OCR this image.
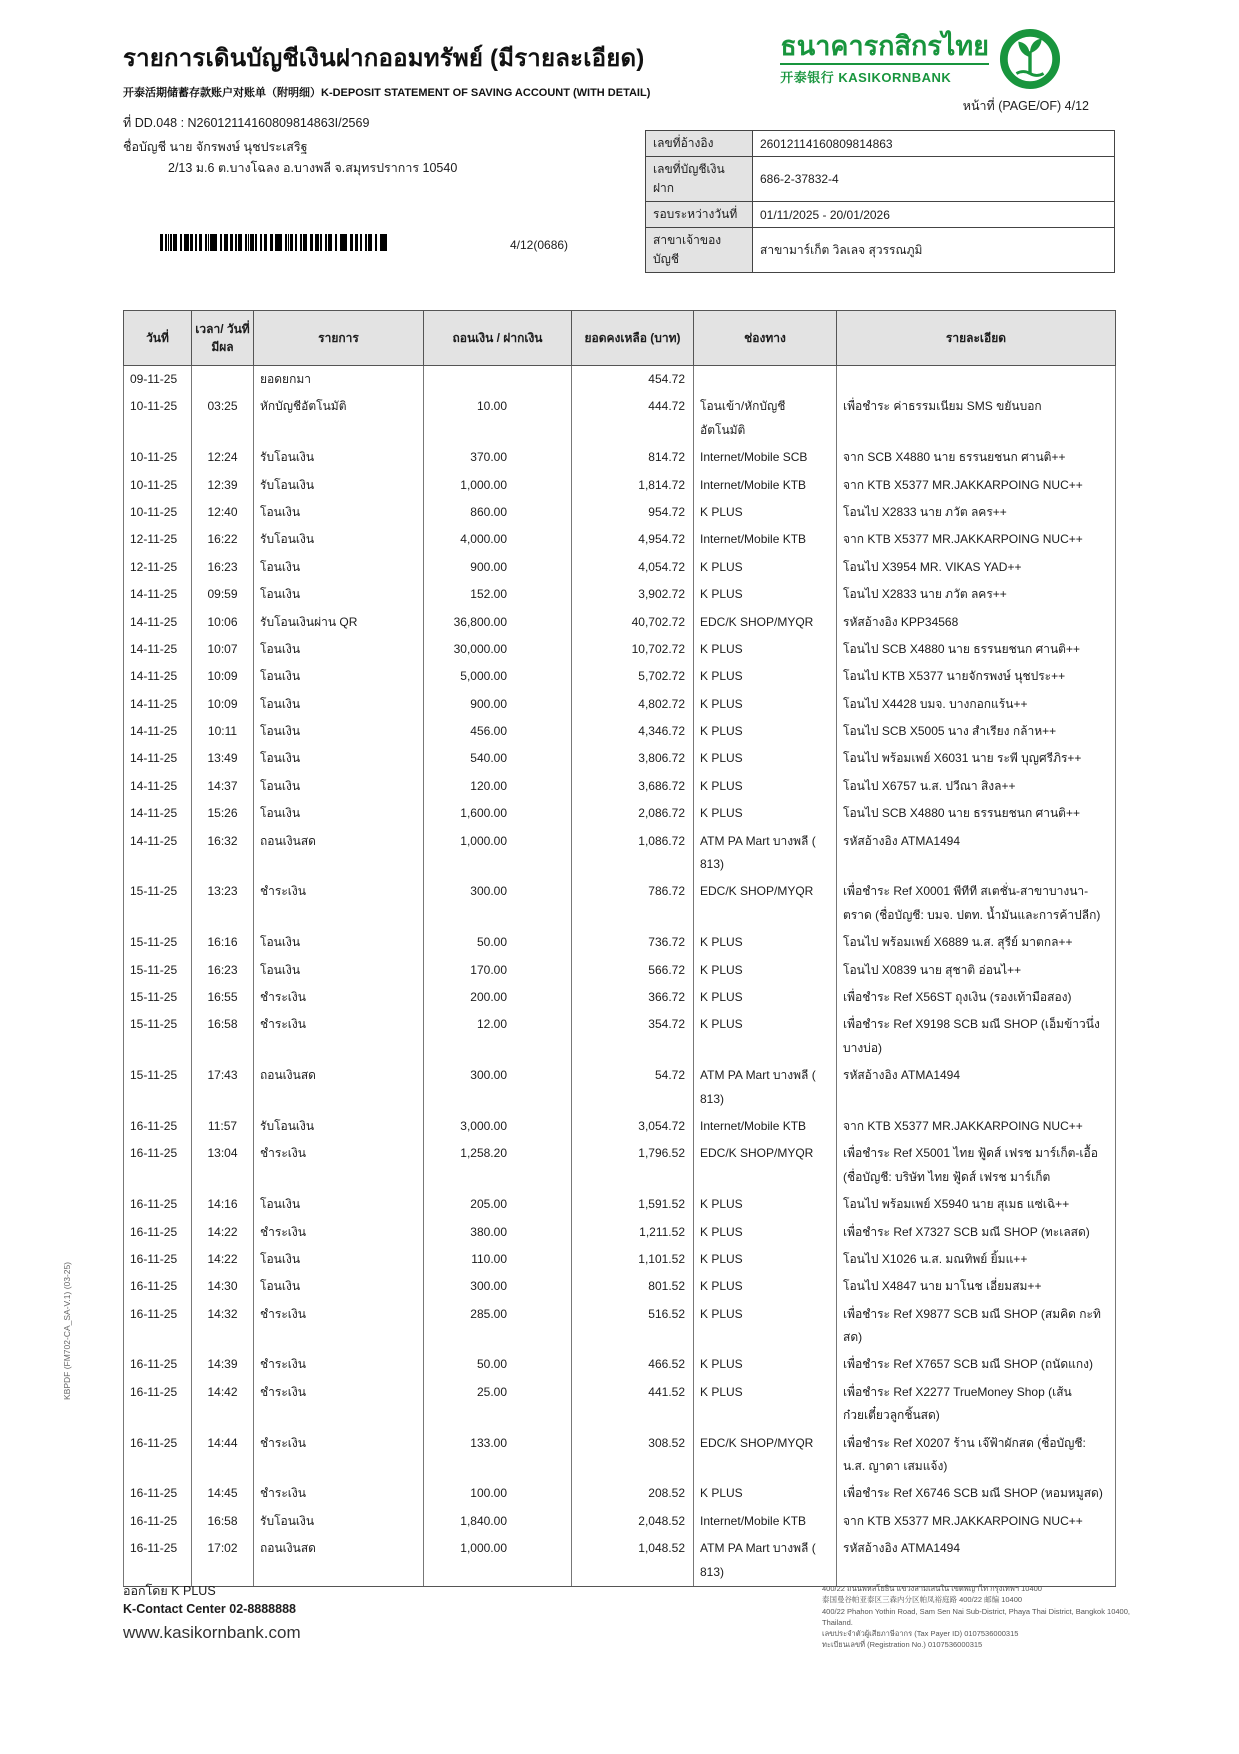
รายการเดินบัญชีเงินฝากออมทรัพย์ (มีรายละเอียด)
开泰活期储蓄存款账户对账单（附明细）K-DEPOSIT STATEMENT OF SAVING ACCOUNT (WITH DETAIL)
ธนาคารกสิกรไทย
开泰银行 KASIKORNBANK
หน้าที่ (PAGE/OF) 4/12
ที่ DD.048 : N26012114160809814863I/2569
ชื่อบัญชี นาย จักรพงษ์ นุชประเสริฐ
2/13 ม.6 ต.บางโฉลง อ.บางพลี จ.สมุทรปราการ 10540
เลขที่อ้างอิง	26012114160809814863
เลขที่บัญชีเงินฝาก	686-2-37832-4
รอบระหว่างวันที่	01/11/2025 - 20/01/2026
สาขาเจ้าของบัญชี	สาขามาร์เก็ต วิลเลจ สุวรรณภูมิ
4/12(0686)
วันที่	เวลา/ วันที่มีผล	รายการ	ถอนเงิน / ฝากเงิน	ยอดคงเหลือ (บาท)	ช่องทาง	รายละเอียด
09-11-25		ยอดยกมา		454.72		
10-11-25	03:25	หักบัญชีอัตโนมัติ	10.00	444.72	โอนเข้า/หักบัญชีอัตโนมัติ	เพื่อชำระ ค่าธรรมเนียม SMS ขยันบอก
10-11-25	12:24	รับโอนเงิน	370.00	814.72	Internet/Mobile SCB	จาก SCB X4880 นาย ธรรนยชนก ศานติ++
10-11-25	12:39	รับโอนเงิน	1,000.00	1,814.72	Internet/Mobile KTB	จาก KTB X5377 MR.JAKKARPOING NUC++
10-11-25	12:40	โอนเงิน	860.00	954.72	K PLUS	โอนไป X2833 นาย ภวัต ลคร++
12-11-25	16:22	รับโอนเงิน	4,000.00	4,954.72	Internet/Mobile KTB	จาก KTB X5377 MR.JAKKARPOING NUC++
12-11-25	16:23	โอนเงิน	900.00	4,054.72	K PLUS	โอนไป X3954 MR. VIKAS YAD++
14-11-25	09:59	โอนเงิน	152.00	3,902.72	K PLUS	โอนไป X2833 นาย ภวัต ลคร++
14-11-25	10:06	รับโอนเงินผ่าน QR	36,800.00	40,702.72	EDC/K SHOP/MYQR	รหัสอ้างอิง KPP34568
14-11-25	10:07	โอนเงิน	30,000.00	10,702.72	K PLUS	โอนไป SCB X4880 นาย ธรรนยชนก ศานติ++
14-11-25	10:09	โอนเงิน	5,000.00	5,702.72	K PLUS	โอนไป KTB X5377 นายจักรพงษ์ นุชประ++
14-11-25	10:09	โอนเงิน	900.00	4,802.72	K PLUS	โอนไป X4428 บมจ. บางกอกแร้น++
14-11-25	10:11	โอนเงิน	456.00	4,346.72	K PLUS	โอนไป SCB X5005 นาง สำเรียง กล้าห++
14-11-25	13:49	โอนเงิน	540.00	3,806.72	K PLUS	โอนไป พร้อมเพย์ X6031 นาย ระพี บุญศรีภิร++
14-11-25	14:37	โอนเงิน	120.00	3,686.72	K PLUS	โอนไป X6757 น.ส. ปวีณา สิงล++
14-11-25	15:26	โอนเงิน	1,600.00	2,086.72	K PLUS	โอนไป SCB X4880 นาย ธรรนยชนก ศานติ++
14-11-25	16:32	ถอนเงินสด	1,000.00	1,086.72	ATM PA Mart บางพลี ( 813)	รหัสอ้างอิง ATMA1494
15-11-25	13:23	ชำระเงิน	300.00	786.72	EDC/K SHOP/MYQR	เพื่อชำระ Ref X0001 พีทีที สเตชั่น-สาขาบางนา-ตราด (ชื่อบัญชี: บมจ. ปตท. น้ำมันและการค้าปลีก)
15-11-25	16:16	โอนเงิน	50.00	736.72	K PLUS	โอนไป พร้อมเพย์ X6889 น.ส. สุรีย์ มาตกล++
15-11-25	16:23	โอนเงิน	170.00	566.72	K PLUS	โอนไป X0839 นาย สุชาติ อ่อนไ++
15-11-25	16:55	ชำระเงิน	200.00	366.72	K PLUS	เพื่อชำระ Ref X56ST ถุงเงิน (รองเท้ามือสอง)
15-11-25	16:58	ชำระเงิน	12.00	354.72	K PLUS	เพื่อชำระ Ref X9198 SCB มณี SHOP (เอ็มข้าวนึ่ง บางบ่อ)
15-11-25	17:43	ถอนเงินสด	300.00	54.72	ATM PA Mart บางพลี ( 813)	รหัสอ้างอิง ATMA1494
16-11-25	11:57	รับโอนเงิน	3,000.00	3,054.72	Internet/Mobile KTB	จาก KTB X5377 MR.JAKKARPOING NUC++
16-11-25	13:04	ชำระเงิน	1,258.20	1,796.52	EDC/K SHOP/MYQR	เพื่อชำระ Ref X5001 ไทย ฟู้ดส์ เฟรช มาร์เก็ต-เอื้อ (ชื่อบัญชี: บริษัท ไทย ฟู้ดส์ เฟรช มาร์เก็ต
16-11-25	14:16	โอนเงิน	205.00	1,591.52	K PLUS	โอนไป พร้อมเพย์ X5940 นาย สุเมธ แซ่เฉิ++
16-11-25	14:22	ชำระเงิน	380.00	1,211.52	K PLUS	เพื่อชำระ Ref X7327 SCB มณี SHOP (ทะเลสด)
16-11-25	14:22	โอนเงิน	110.00	1,101.52	K PLUS	โอนไป X1026 น.ส. มณทิพย์ ยิ้มแ++
16-11-25	14:30	โอนเงิน	300.00	801.52	K PLUS	โอนไป X4847 นาย มาโนช เอี่ยมสม++
16-11-25	14:32	ชำระเงิน	285.00	516.52	K PLUS	เพื่อชำระ Ref X9877 SCB มณี SHOP (สมคิด กะทิสด)
16-11-25	14:39	ชำระเงิน	50.00	466.52	K PLUS	เพื่อชำระ Ref X7657 SCB มณี SHOP (ถนัดแกง)
16-11-25	14:42	ชำระเงิน	25.00	441.52	K PLUS	เพื่อชำระ Ref X2277 TrueMoney Shop (เส้นก๋วยเตี๋ยวลูกชิ้นสด)
16-11-25	14:44	ชำระเงิน	133.00	308.52	EDC/K SHOP/MYQR	เพื่อชำระ Ref X0207 ร้าน เจ๊ฟ้าผักสด (ชื่อบัญชี: น.ส. ญาดา เสมแจ้ง)
16-11-25	14:45	ชำระเงิน	100.00	208.52	K PLUS	เพื่อชำระ Ref X6746 SCB มณี SHOP (หอมหมูสด)
16-11-25	16:58	รับโอนเงิน	1,840.00	2,048.52	Internet/Mobile KTB	จาก KTB X5377 MR.JAKKARPOING NUC++
16-11-25	17:02	ถอนเงินสด	1,000.00	1,048.52	ATM PA Mart บางพลี ( 813)	รหัสอ้างอิง ATMA1494
ออกโดย K PLUS
K-Contact Center 02-8888888
www.kasikornbank.com
400/22 ถนนพหลโยธิน แขวงสามเสนใน เขตพญาไท กรุงเทพฯ 10400
泰国曼谷帕亚泰区三森内分区帕凤裕庭路 400/22 邮编 10400
400/22 Phahon Yothin Road, Sam Sen Nai Sub-District, Phaya Thai District, Bangkok 10400, Thailand.
เลขประจำตัวผู้เสียภาษีอากร (Tax Payer ID) 0107536000315
ทะเบียนเลขที่ (Registration No.) 0107536000315
KBPDF (FM702-CA_SA-V.1) (03-25)
